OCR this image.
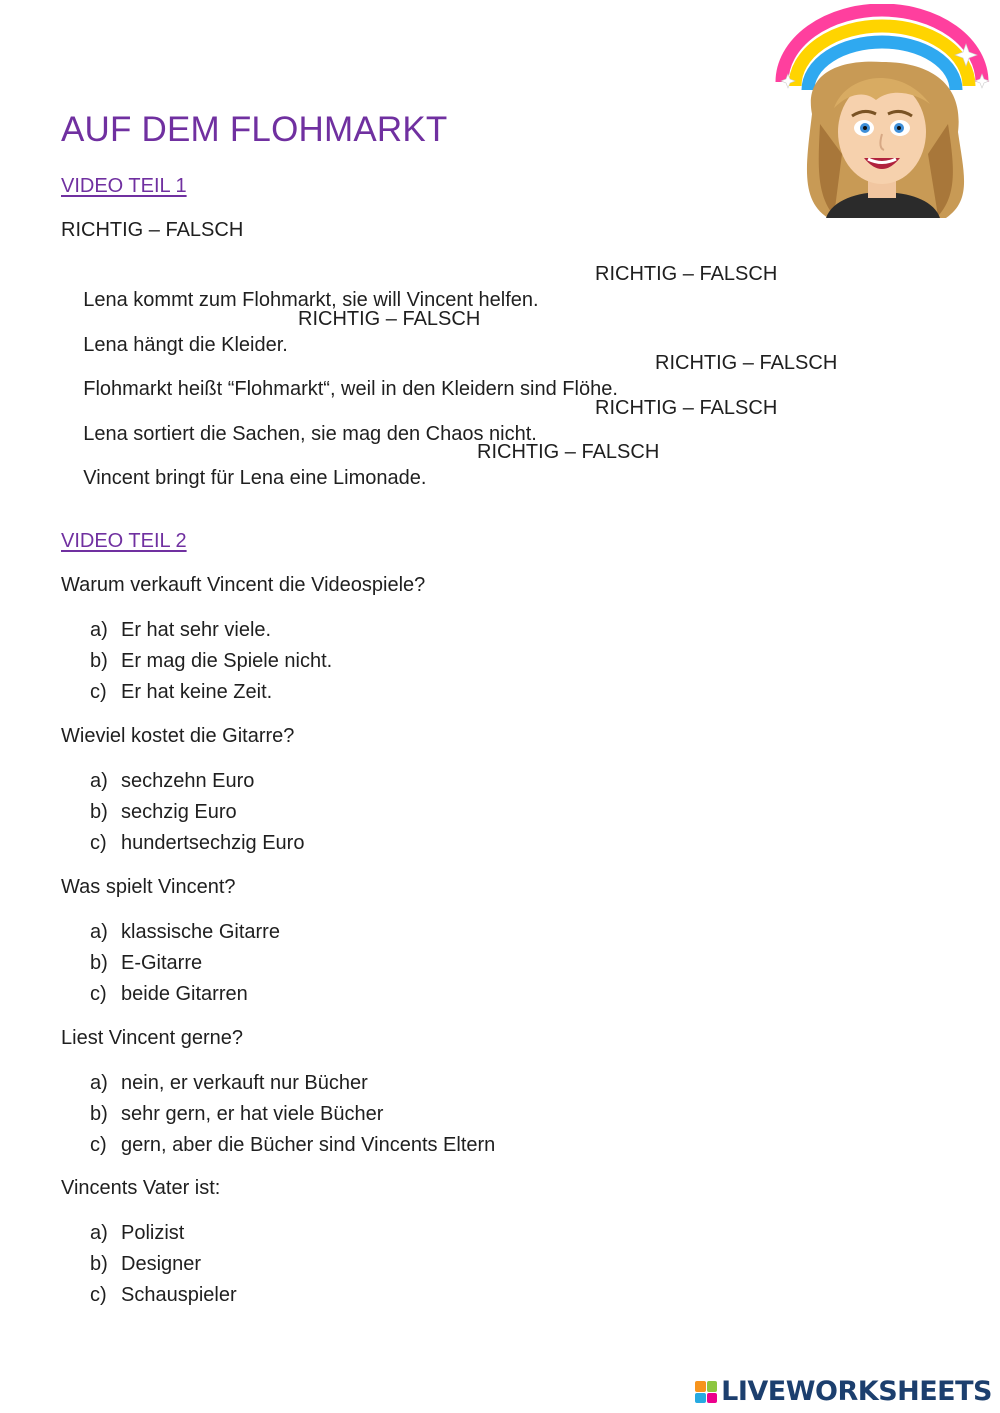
AUF DEM FLOHMARKT
VIDEO TEIL 1
RICHTIG – FALSCH

Lena kommt zum Flohmarkt, sie will Vincent helfen.

RICHTIG – FALSCH

Lena hängt die Kleider.

RICHTIG – FALSCH

Flohmarkt heißt “Flohmarkt“, weil in den Kleidern sind Flöhe.

RICHTIG – FALSCH

Lena sortiert die Sachen, sie mag den Chaos nicht.

RICHTIG – FALSCH

Vincent bringt für Lena eine Limonade.

RICHTIG – FALSCH

VIDEO TEIL 2
Warum verkauft Vincent die Videospiele?
a) Er hat sehr viele.
b) Er mag die Spiele nicht.
c) Er hat keine Zeit.
Wieviel kostet die Gitarre?
a) sechzehn Euro
b) sechzig Euro
c) hundertsechzig Euro
Was spielt Vincent?
a) klassische Gitarre
b) E-Gitarre
c) beide Gitarren
Liest Vincent gerne?
a) nein, er verkauft nur Bücher
b) sehr gern, er hat viele Bücher
c) gern, aber die Bücher sind Vincents Eltern
Vincents Vater ist:
a) Polizist
b) Designer
c) Schauspieler
LIVEWORKSHEETS
